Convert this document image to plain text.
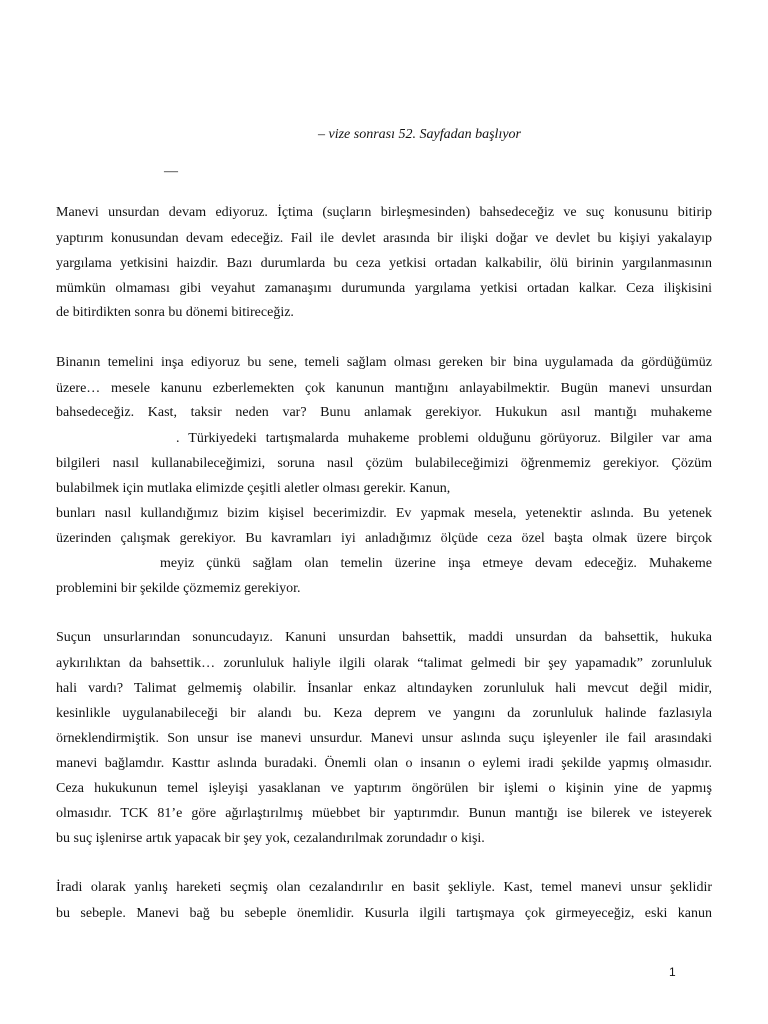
– vize sonrası 52. Sayfadan başlıyor
—
Manevi unsurdan devam ediyoruz. İçtima (suçların birleşmesinden) bahsedeceğiz ve suç konusunu bitirip
yaptırım konusundan devam edeceğiz. Fail ile devlet arasında bir ilişki doğar ve devlet bu kişiyi yakalayıp
yargılama yetkisini haizdir. Bazı durumlarda bu ceza yetkisi ortadan kalkabilir, ölü birinin yargılanmasının
mümkün olmaması gibi veyahut zamanaşımı durumunda yargılama yetkisi ortadan kalkar. Ceza ilişkisini
de bitirdikten sonra bu dönemi bitireceğiz.
Binanın temelini inşa ediyoruz bu sene, temeli sağlam olması gereken bir bina uygulamada da gördüğümüz
üzere… mesele kanunu ezberlemekten çok kanunun mantığını anlayabilmektir. Bugün manevi unsurdan
bahsedeceğiz. Kast, taksir neden var? Bunu anlamak gerekiyor. Hukukun asıl mantığı muhakeme
. Türkiyedeki tartışmalarda muhakeme problemi olduğunu görüyoruz. Bilgiler var ama
bilgileri nasıl kullanabileceğimizi, soruna nasıl çözüm bulabileceğimizi öğrenmemiz gerekiyor. Çözüm
bulabilmek için mutlaka elimizde çeşitli aletler olması gerekir. Kanun,
bunları nasıl kullandığımız bizim kişisel becerimizdir. Ev yapmak mesela, yetenektir aslında. Bu yetenek
üzerinden çalışmak gerekiyor. Bu kavramları iyi anladığımız ölçüde ceza özel başta olmak üzere birçok
meyiz çünkü sağlam olan temelin üzerine inşa etmeye devam edeceğiz. Muhakeme
problemini bir şekilde çözmemiz gerekiyor.
Suçun unsurlarından sonuncudayız. Kanuni unsurdan bahsettik, maddi unsurdan da bahsettik, hukuka
aykırılıktan da bahsettik… zorunluluk haliyle ilgili olarak “talimat gelmedi bir şey yapamadık” zorunluluk
hali vardı? Talimat gelmemiş olabilir. İnsanlar enkaz altındayken zorunluluk hali mevcut değil midir,
kesinlikle uygulanabileceği bir alandı bu. Keza deprem ve yangını da zorunluluk halinde fazlasıyla
örneklendirmiştik. Son unsur ise manevi unsurdur. Manevi unsur aslında suçu işleyenler ile fail arasındaki
manevi bağlamdır. Kasttır aslında buradaki. Önemli olan o insanın o eylemi iradi şekilde yapmış olmasıdır.
Ceza hukukunun temel işleyişi yasaklanan ve yaptırım öngörülen bir işlemi o kişinin yine de yapmış
olmasıdır. TCK 81’e göre ağırlaştırılmış müebbet bir yaptırımdır. Bunun mantığı ise bilerek ve isteyerek
bu suç işlenirse artık yapacak bir şey yok, cezalandırılmak zorundadır o kişi.
İradi olarak yanlış hareketi seçmiş olan cezalandırılır en basit şekliyle. Kast, temel manevi unsur şeklidir
bu sebeple. Manevi bağ bu sebeple önemlidir. Kusurla ilgili tartışmaya çok girmeyeceğiz, eski kanun
1
